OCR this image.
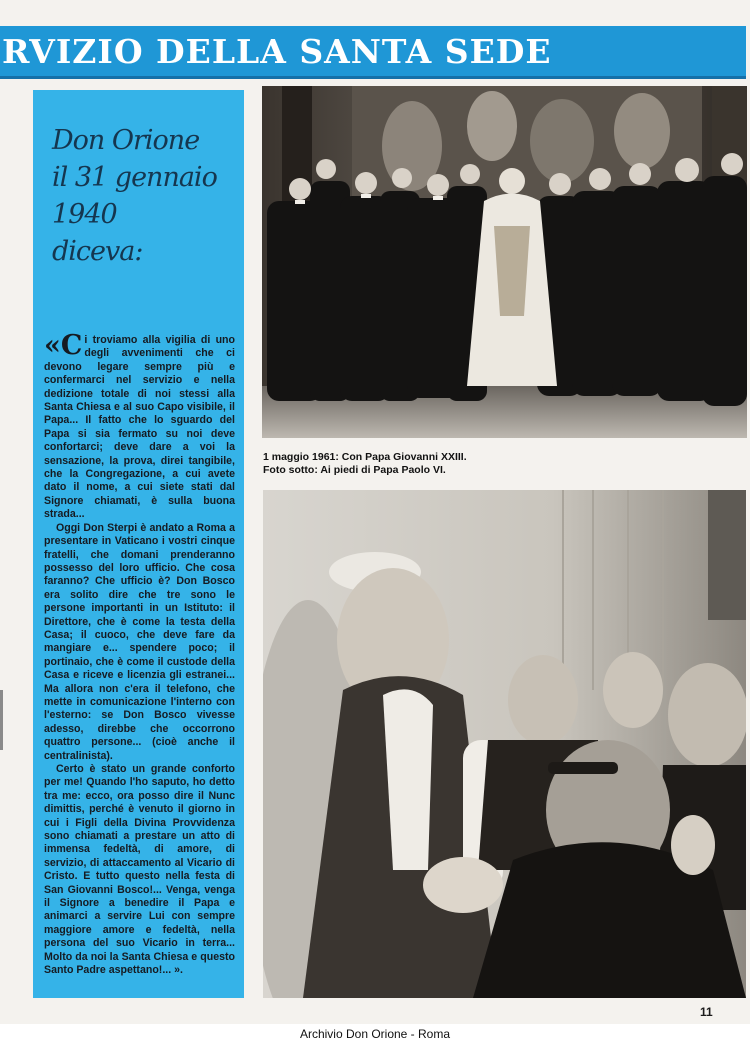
RVIZIO DELLA SANTA SEDE
Don Orione
il 31 gennaio
1940
diceva:

«Ci troviamo alla vigilia di uno degli avvenimenti che ci devono legare sempre più e confermarci nel servizio e nella dedizione totale di noi stessi alla Santa Chiesa e al suo Capo visibile, il Papa... Il fatto che lo sguardo del Papa si sia fermato su noi deve confortarci; deve dare a voi la sensazione, la prova, direi tangibile, che la Congregazione, a cui avete dato il nome, a cui siete stati dal Signore chiamati, è sulla buona strada...

Oggi Don Sterpi è andato a Roma a presentare in Vaticano i vostri cinque fratelli, che domani prenderanno possesso del loro ufficio. Che cosa faranno? Che ufficio è? Don Bosco era solito dire che tre sono le persone importanti in un Istituto: il Direttore, che è come la testa della Casa; il cuoco, che deve fare da mangiare e... spendere poco; il portinaio, che è come il custode della Casa e riceve e licenzia gli estranei... Ma allora non c'era il telefono, che mette in comunicazione l'interno con l'esterno: se Don Bosco vivesse adesso, direbbe che occorrono quattro persone... (cioè anche il centralinista).

Certo è stato un grande conforto per me! Quando l'ho saputo, ho detto tra me: ecco, ora posso dire il Nunc dimittis, perché è venuto il giorno in cui i Figli della Divina Provvidenza sono chiamati a prestare un atto di immensa fedeltà, di amore, di servizio, di attaccamento al Vicario di Cristo. E tutto questo nella festa di San Giovanni Bosco!... Venga, venga il Signore a benedire il Papa e animarci a servire Lui con sempre maggiore amore e fedeltà, nella persona del suo Vicario in terra... Molto da noi la Santa Chiesa e questo Santo Padre aspettano!... ».

1 maggio 1961: Con Papa Giovanni XXIII.
Foto sotto: Ai piedi di Papa Paolo VI.
11
Archivio Don Orione - Roma
